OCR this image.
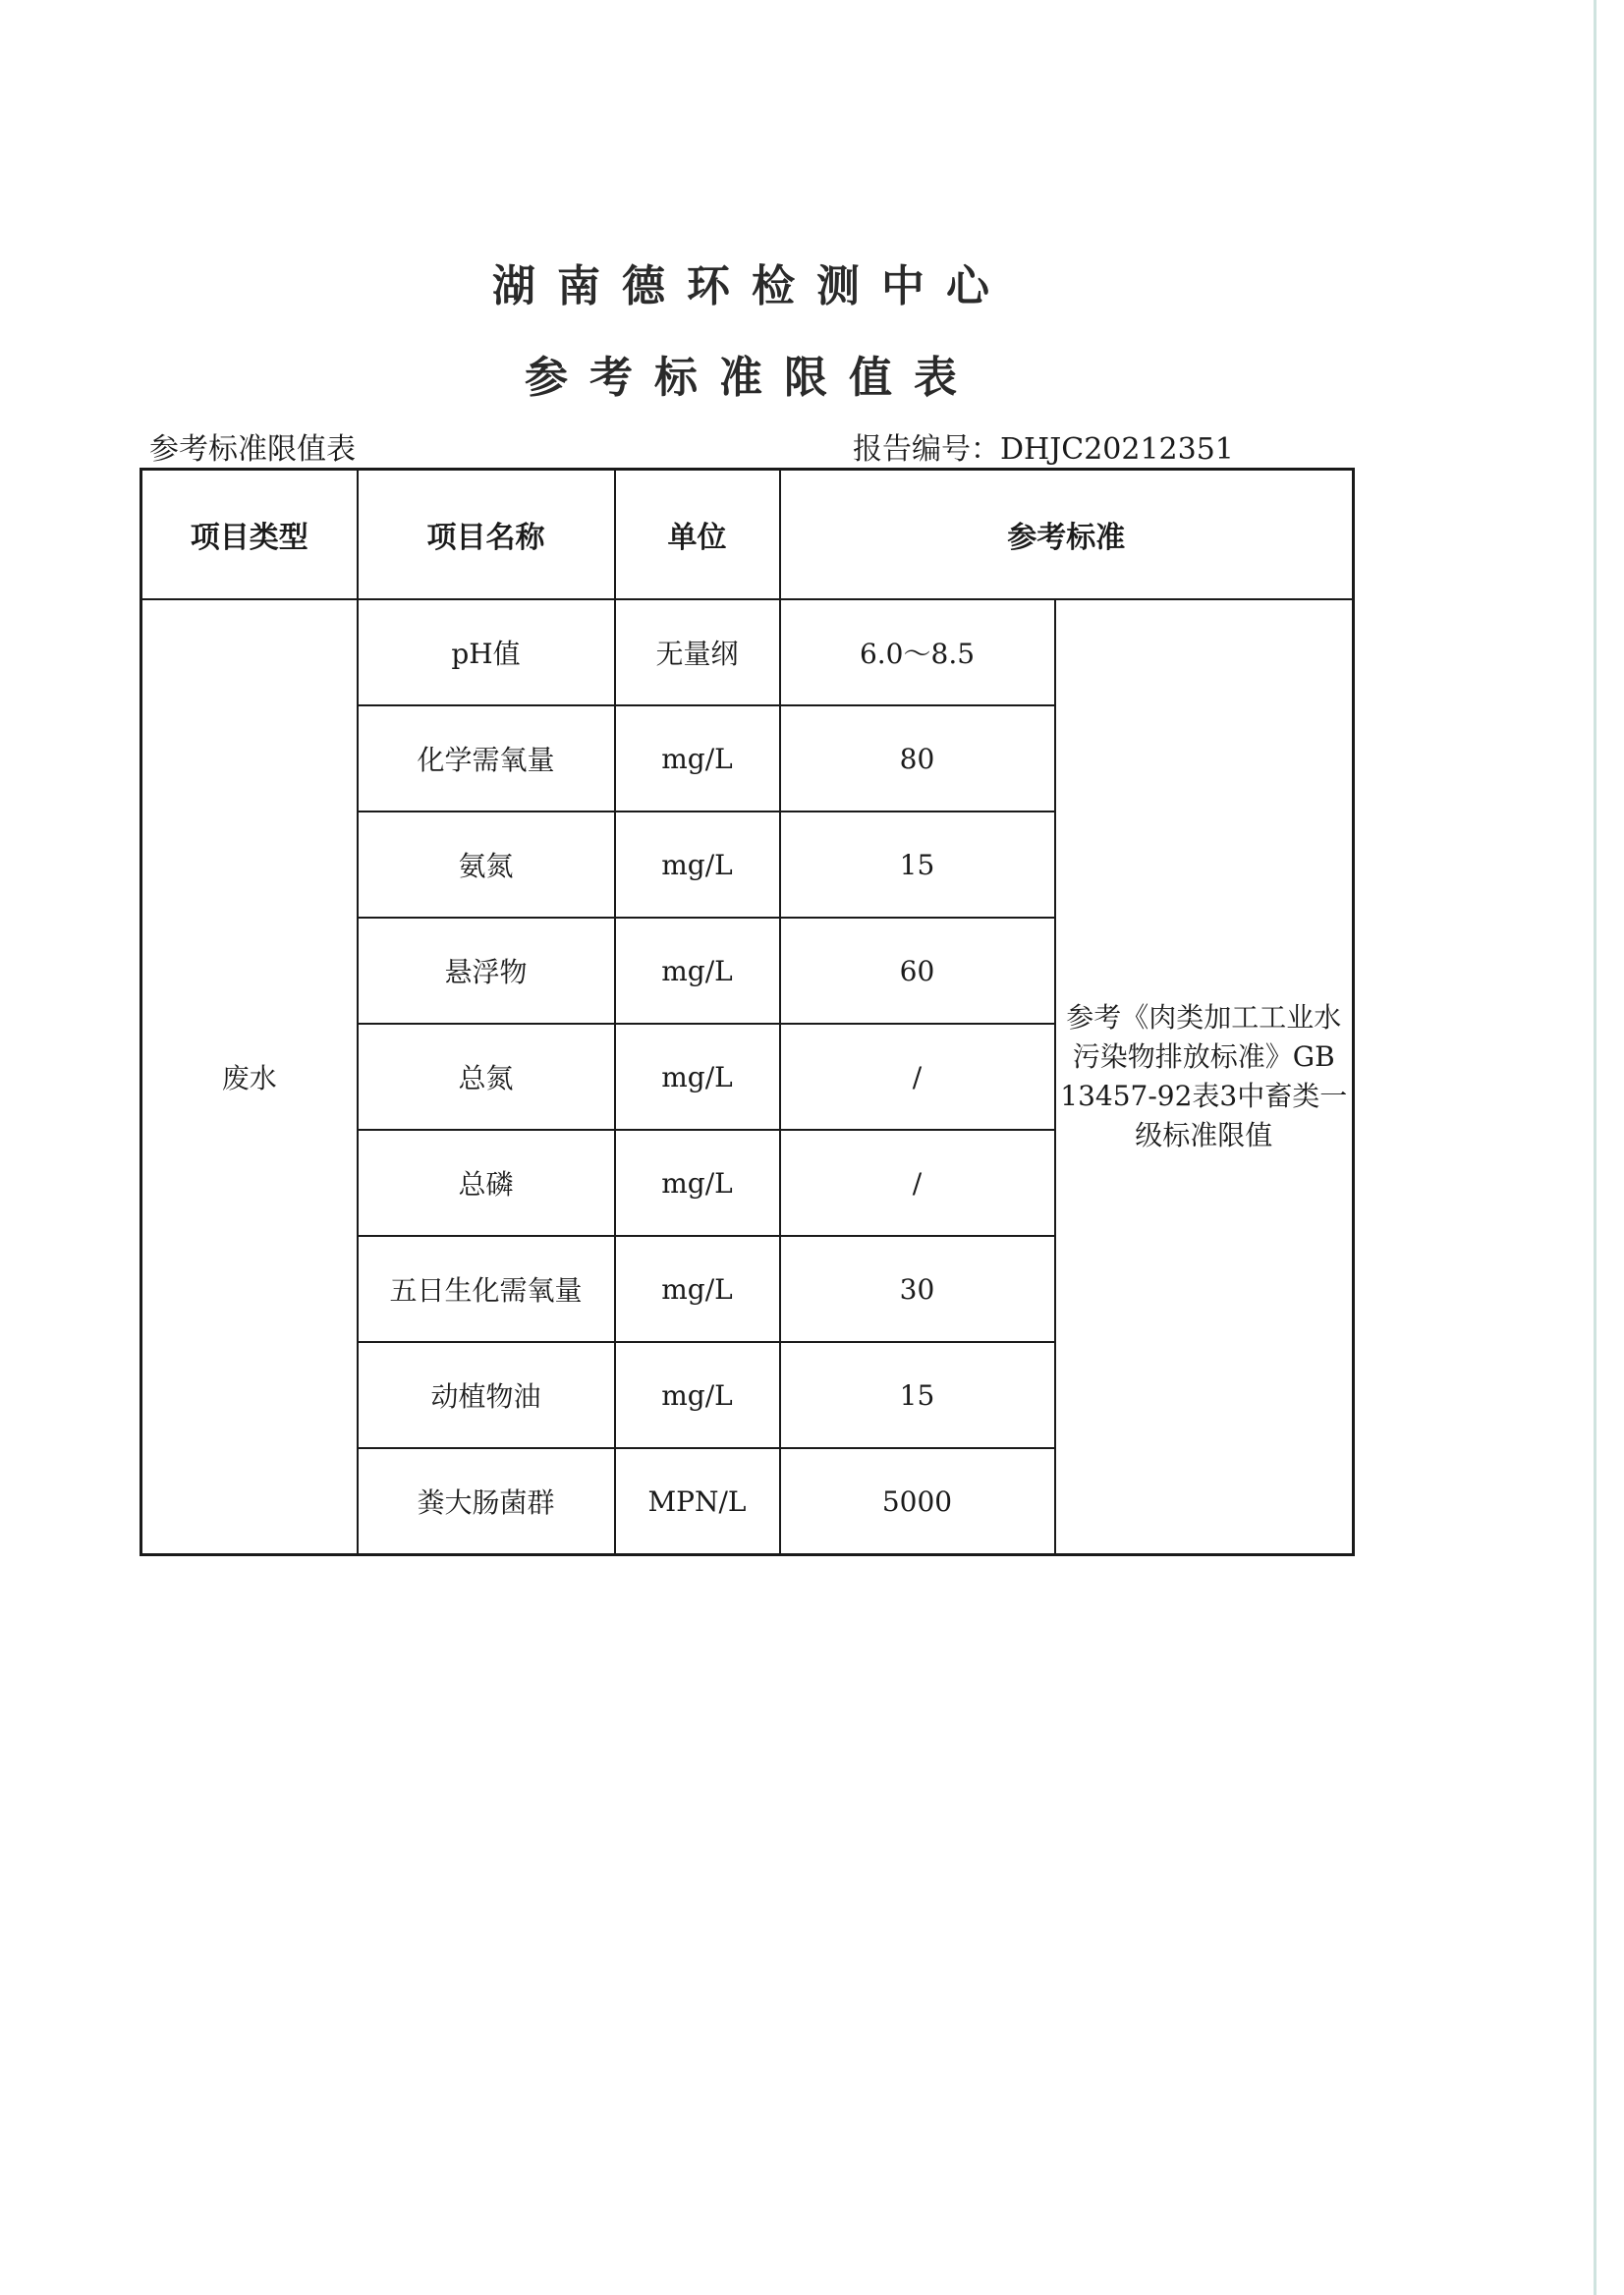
湖南德环检测中心
参考标准限值表
参考标准限值表	报告编号：DHJC20212351
项目类型	项目名称	单位	参考标准	
废水	pH值	无量纲	6.0～8.5	参考《肉类加工工业水污染物排放标准》GB 13457-92表3中畜类一级标准限值
	化学需氧量	mg/L	80	
	氨氮	mg/L	15	
	悬浮物	mg/L	60	
	总氮	mg/L	/	
	总磷	mg/L	/	
	五日生化需氧量	mg/L	30	
	动植物油	mg/L	15	
	粪大肠菌群	MPN/L	5000	
